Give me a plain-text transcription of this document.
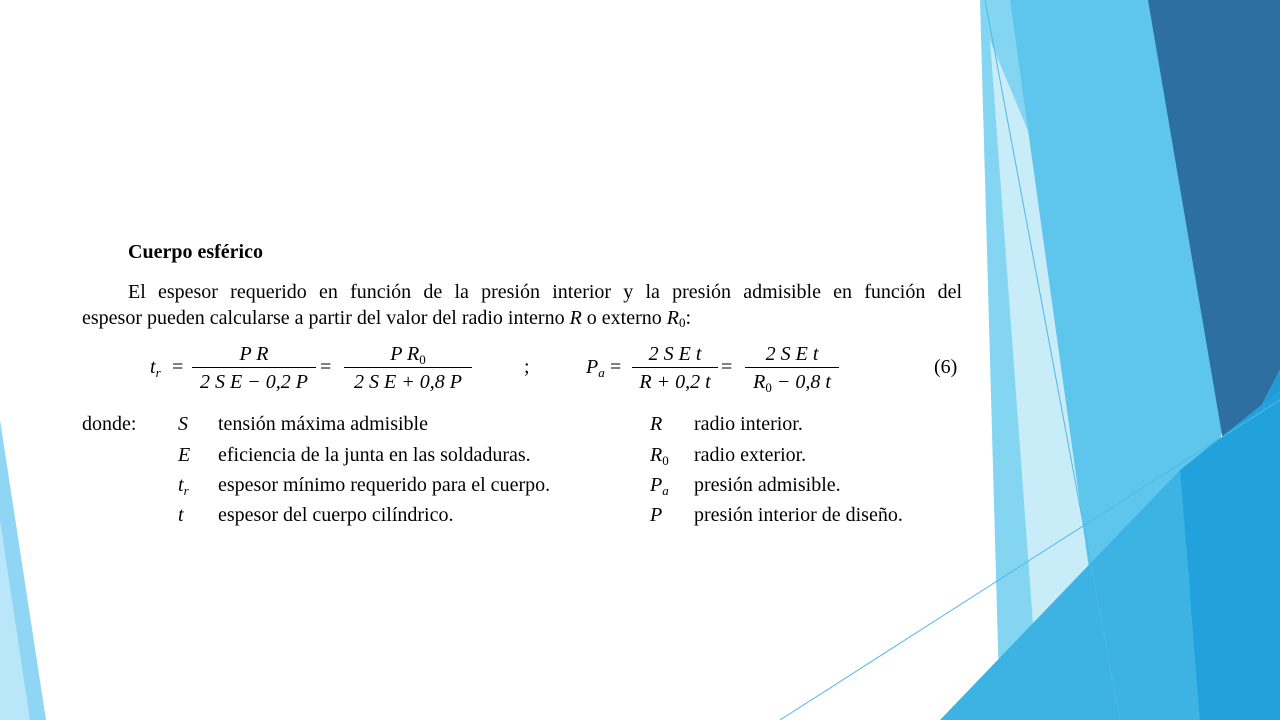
Cuerpo esférico
El espesor requerido en función de la presión interior y la presión admisible en función del
espesor pueden calcularse a partir del valor del radio interno R o externo $R_0$:
$t_r$ =
P R
2 S E − 0,2 P
=
P $R_0$
2 S E + 0,8 P
;	$P_a$ =
2 S E t
R + 0,2 t
=
2 S E t
$R_0 - 0,8$ t
(6)
donde: S tensión máxima admisible
E eficiencia de la junta en las soldaduras.
$t_r$ espesor mínimo requerido para el cuerpo.
t espesor del cuerpo cilíndrico.
R radio interior.
$R_0$ radio exterior.
$P_a$ presión admisible.
P presión interior de diseño.
